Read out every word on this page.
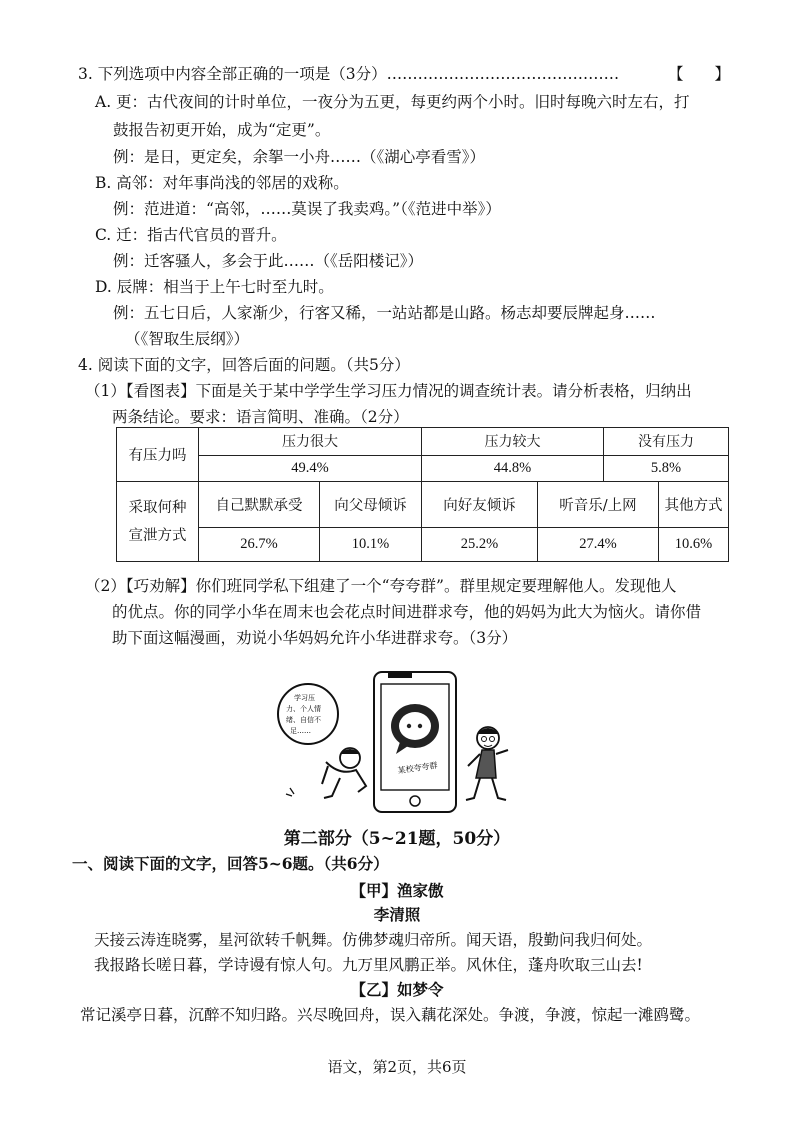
3. 下列选项中内容全部正确的一项是（3分）………………………………………	【　　】
A. 更：古代夜间的计时单位，一夜分为五更，每更约两个小时。旧时每晚六时左右，打
鼓报告初更开始，成为“定更”。
例：是日，更定矣，余挐一小舟……（《湖心亭看雪》）
B. 高邻：对年事尚浅的邻居的戏称。
例：范进道：“高邻，……莫误了我卖鸡。”（《范进中举》）
C. 迁：指古代官员的晋升。
例：迁客骚人，多会于此……（《岳阳楼记》）
D. 辰牌：相当于上午七时至九时。
例：五七日后，人家渐少，行客又稀，一站站都是山路。杨志却要辰牌起身……
（《智取生辰纲》）
4. 阅读下面的文字，回答后面的问题。（共5分）
（1）【看图表】下面是关于某中学学生学习压力情况的调查统计表。请分析表格，归纳出
两条结论。要求：语言简明、准确。（2分）
有压力吗	压力很大		压力较大		没有压力	
	49.4%		44.8%		5.8%	
采取何种
宣泄方式	自己默默承受	向父母倾诉	向好友倾诉	听音乐/上网		其他方式
	26.7%	10.1%	25.2%	27.4%		10.6%
（2）【巧劝解】你们班同学私下组建了一个“夸夸群”。群里规定要理解他人。发现他人
的优点。你的同学小华在周末也会花点时间进群求夸，他的妈妈为此大为恼火。请你借
助下面这幅漫画，劝说小华妈妈允许小华进群求夸。（3分）
某校夸夸群
学习压
力、个人情
绪、自信不
足……
第二部分（5~21题，50分）
一、阅读下面的文字，回答5~6题。（共6分）
【甲】渔家傲
李清照
天接云涛连晓雾，星河欲转千帆舞。仿佛梦魂归帝所。闻天语，殷勤问我归何处。
我报路长嗟日暮，学诗谩有惊人句。九万里风鹏正举。风休住，蓬舟吹取三山去!
【乙】如梦令
常记溪亭日暮，沉醉不知归路。兴尽晚回舟，误入藕花深处。争渡，争渡，惊起一滩鸥鹭。
语文，第2页，共6页
